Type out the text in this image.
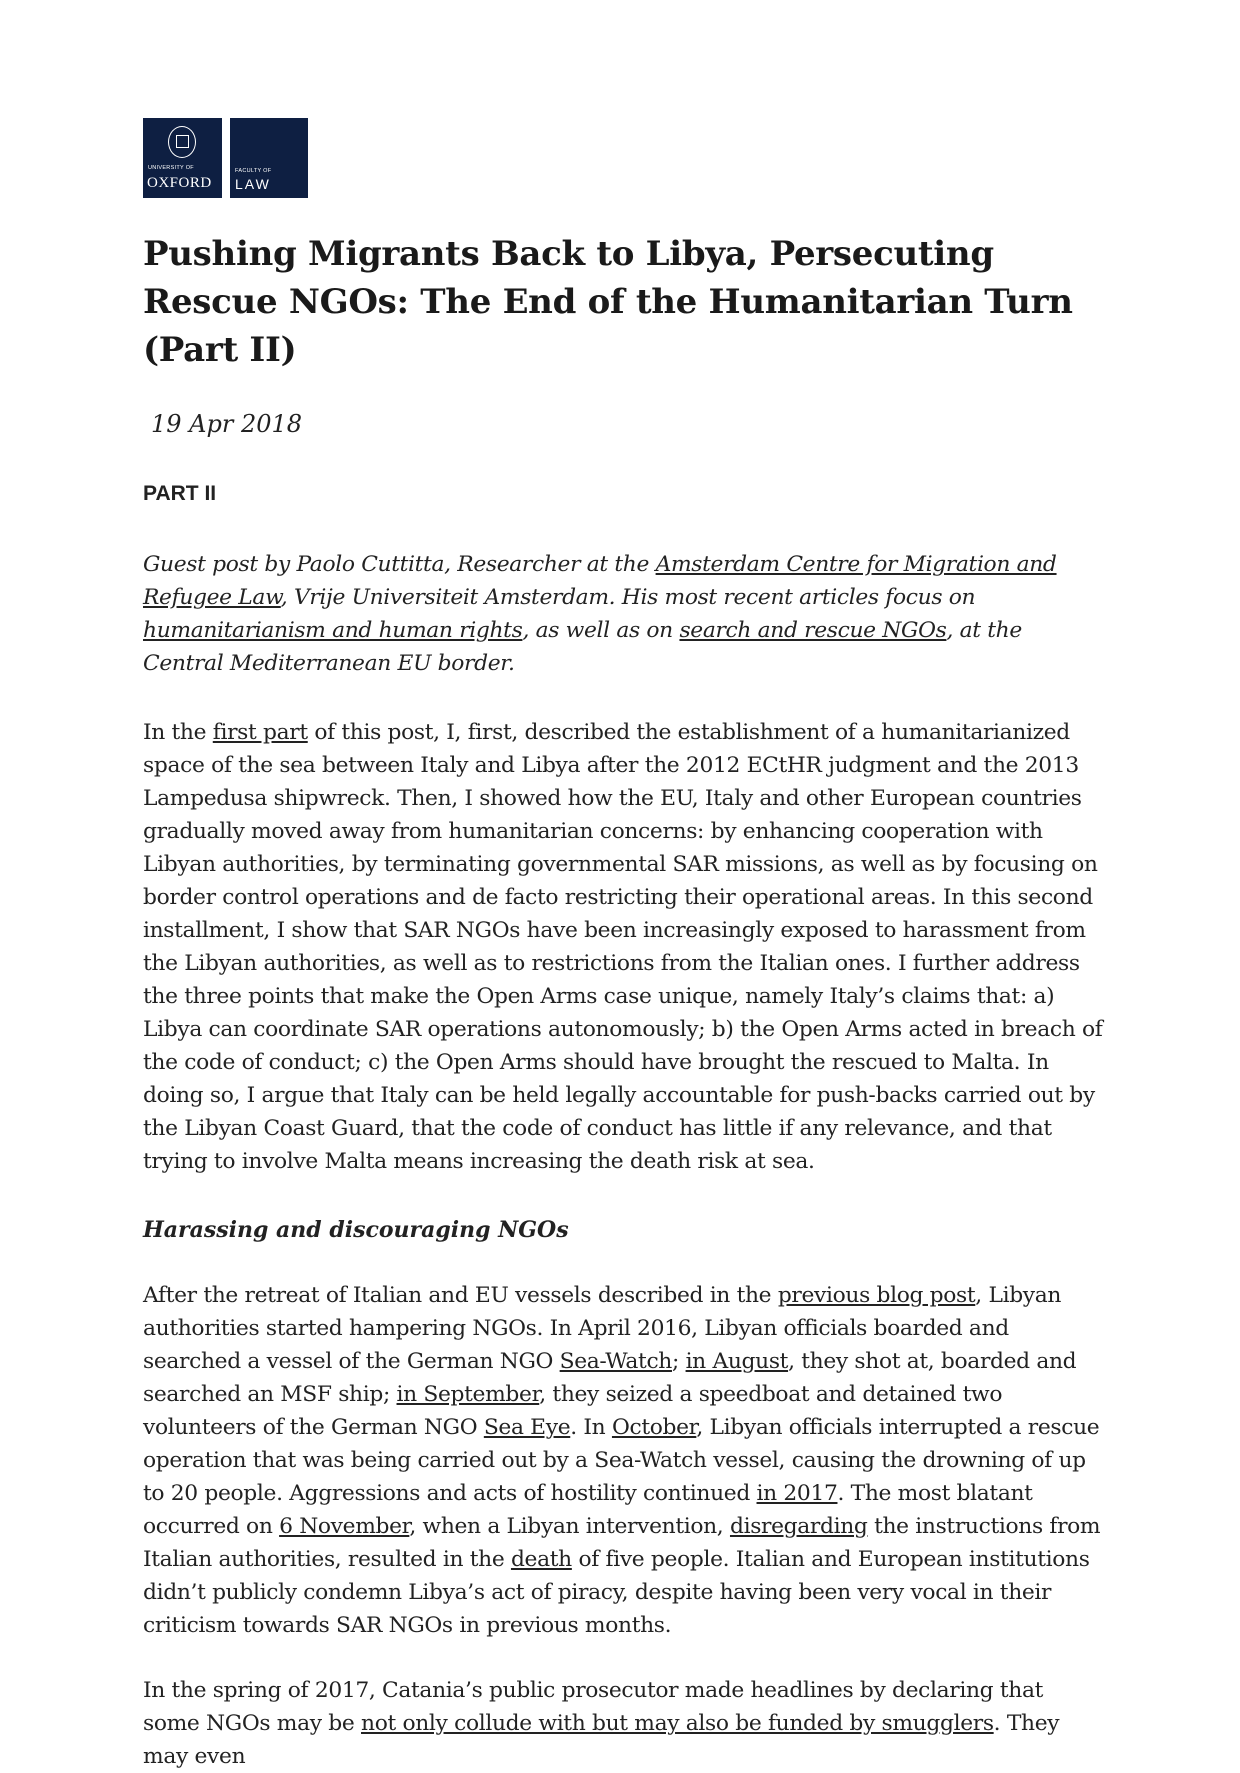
UNIVERSITY OF
OXFORD
FACULTY OF
LAW
Pushing Migrants Back to Libya, Persecuting Rescue NGOs: The End of the Humanitarian Turn (Part II)
19 Apr 2018
PART II

Guest post by Paolo Cuttitta, Researcher at the Amsterdam Centre for Migration and Refugee Law, Vrije Universiteit Amsterdam. His most recent articles focus on humanitarianism and human rights, as well as on search and rescue NGOs, at the Central Mediterranean EU border.

In the first part of this post, I, first, described the establishment of a humanitarianized space of the sea between Italy and Libya after the 2012 ECtHR judgment and the 2013 Lampedusa shipwreck. Then, I showed how the EU, Italy and other European countries gradually moved away from humanitarian concerns: by enhancing cooperation with Libyan authorities, by terminating governmental SAR missions, as well as by focusing on border control operations and de facto restricting their operational areas. In this second installment, I show that SAR NGOs have been increasingly exposed to harassment from the Libyan authorities, as well as to restrictions from the Italian ones. I further address the three points that make the Open Arms case unique, namely Italy’s claims that: a) Libya can coordinate SAR operations autonomously; b) the Open Arms acted in breach of the code of conduct; c) the Open Arms should have brought the rescued to Malta. In doing so, I argue that Italy can be held legally accountable for push-backs carried out by the Libyan Coast Guard, that the code of conduct has little if any relevance, and that trying to involve Malta means increasing the death risk at sea.

Harassing and discouraging NGOs

After the retreat of Italian and EU vessels described in the previous blog post, Libyan authorities started hampering NGOs. In April 2016, Libyan officials boarded and searched a vessel of the German NGO Sea-Watch; in August, they shot at, boarded and searched an MSF ship; in September, they seized a speedboat and detained two volunteers of the German NGO Sea Eye. In October, Libyan officials interrupted a rescue operation that was being carried out by a Sea-Watch vessel, causing the drowning of up to 20 people. Aggressions and acts of hostility continued in 2017. The most blatant occurred on 6 November, when a Libyan intervention, disregarding the instructions from Italian authorities, resulted in the death of five people. Italian and European institutions didn’t publicly condemn Libya’s act of piracy, despite having been very vocal in their criticism towards SAR NGOs in previous months.

In the spring of 2017, Catania’s public prosecutor made headlines by declaring that some NGOs may be not only collude with but may also be funded by smugglers. They may even
